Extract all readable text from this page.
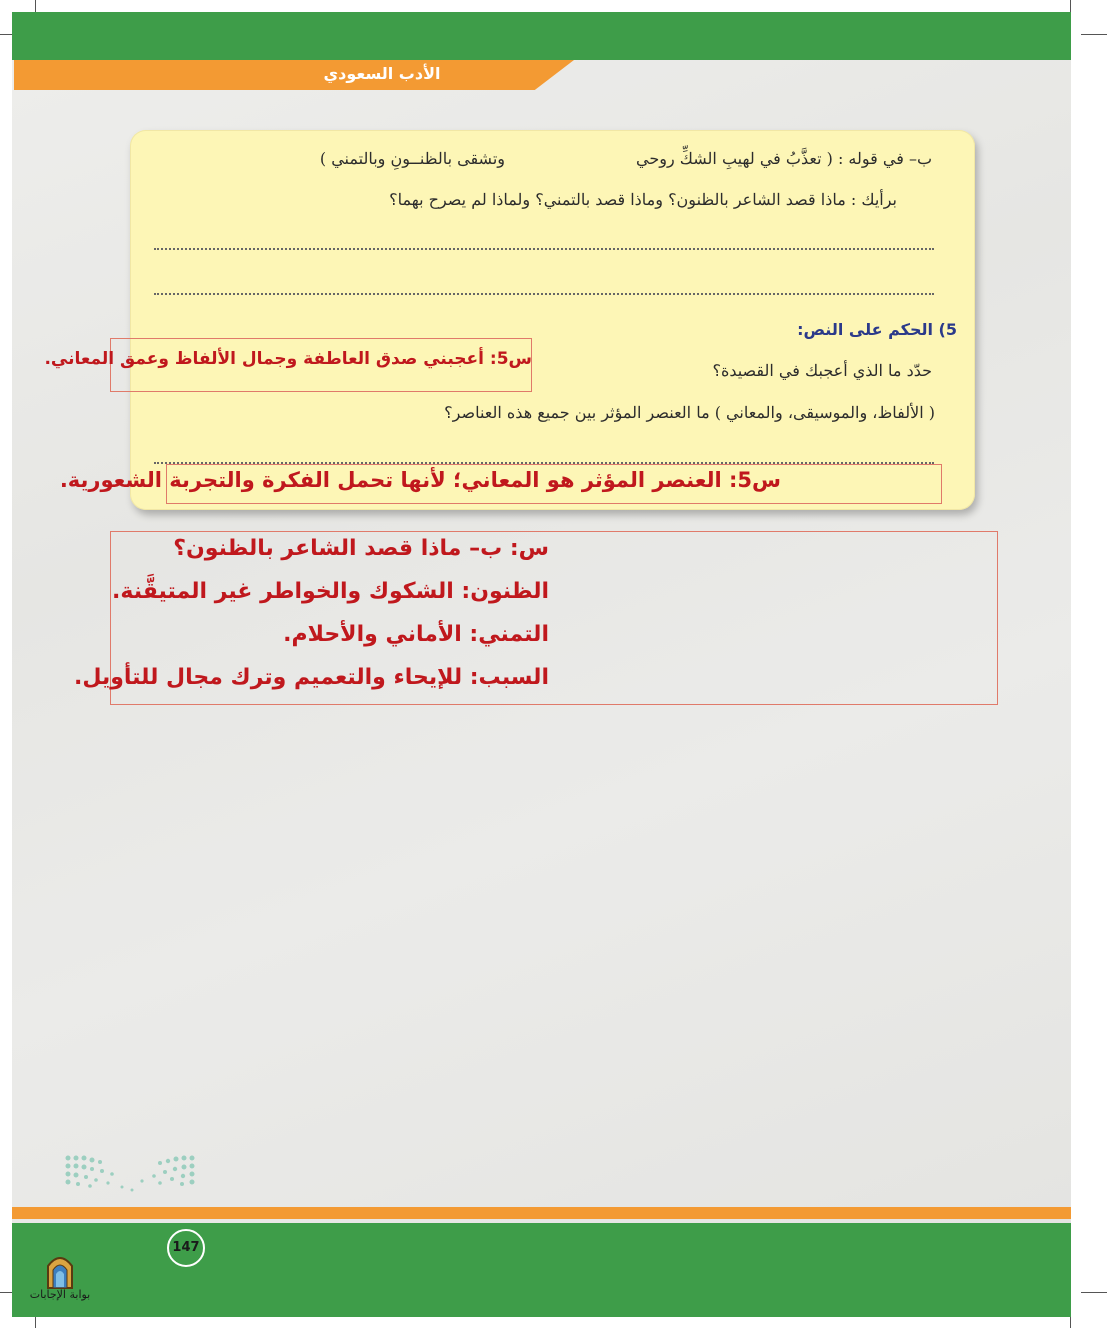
الأدب السعودي
ب– في قوله : ( تعذَّبُ في لهيبِ الشكِّ روحي
وتشقى بالظنــونِ وبالتمني )
برأيك : ماذا قصد الشاعر بالظنون؟ وماذا قصد بالتمني؟ ولماذا لم يصرح بهما؟
5) الحكم على النص:
حدّد ما الذي أعجبك في القصيدة؟
( الألفاظ، والموسيقى، والمعاني ) ما العنصر المؤثر بين جميع هذه العناصر؟
س5: أعجبني صدق العاطفة وجمال الألفاظ وعمق المعاني.
س5: العنصر المؤثر هو المعاني؛ لأنها تحمل الفكرة والتجربة الشعورية.
س: ب– ماذا قصد الشاعر بالظنون؟
الظنون: الشكوك والخواطر غير المتيقَّنة.
التمني: الأماني والأحلام.
السبب: للإيحاء والتعميم وترك مجال للتأويل.
147
بوابة الإجابات
